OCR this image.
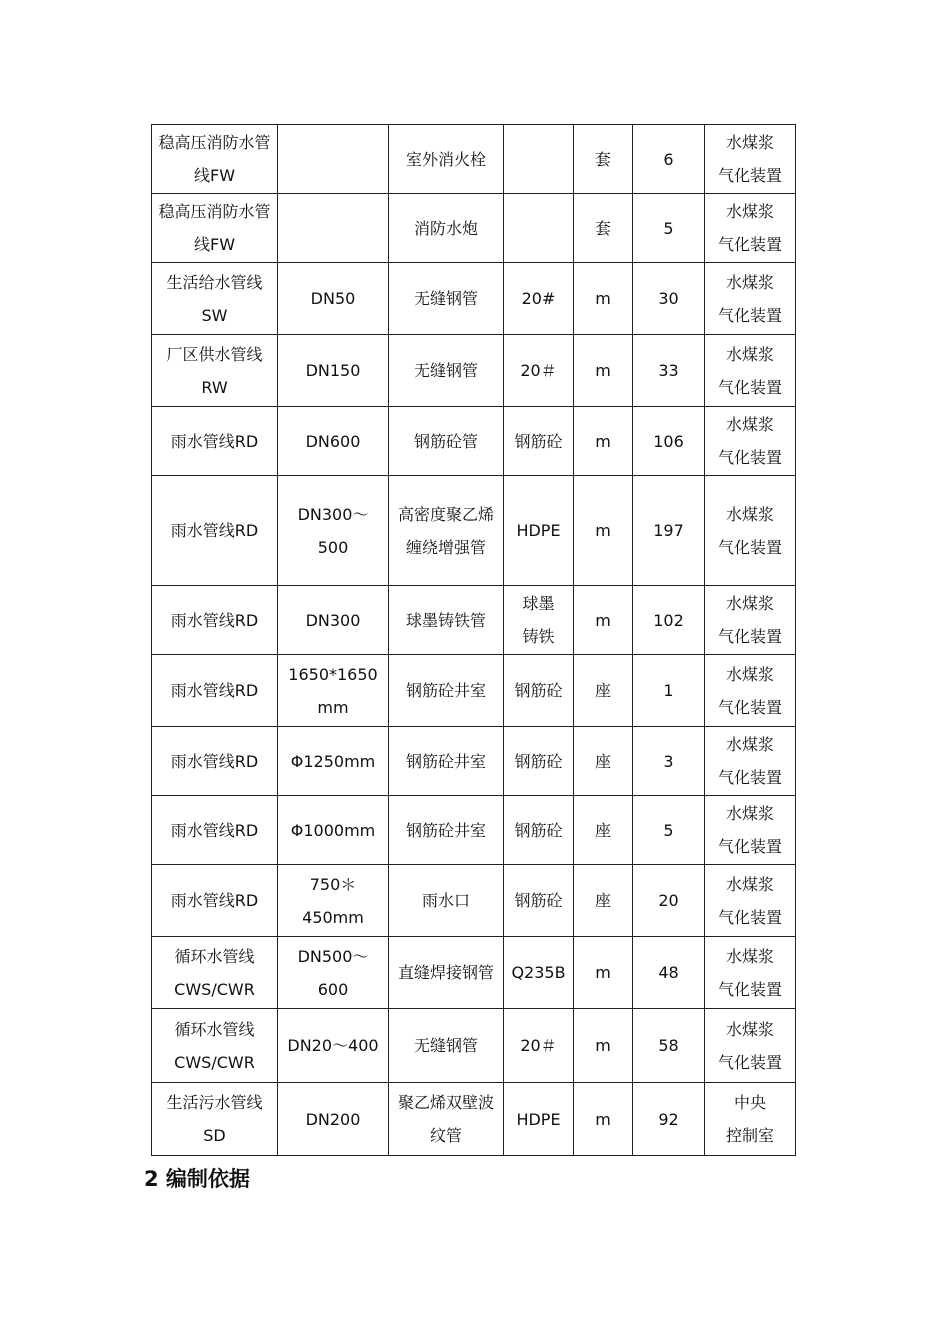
稳高压消防水管线FW		室外消火栓		套	6	水煤浆
气化装置

稳高压消防水管线FW		消防水炮		套	5	水煤浆
气化装置

生活给水管线SW	DN50	无缝钢管	20#	m	30	水煤浆
气化装置

厂区供水管线RW	DN150	无缝钢管	20＃	m	33	水煤浆
气化装置

雨水管线RD	DN600	钢筋砼管	钢筋砼	m	106	水煤浆
气化装置

雨水管线RD	DN300～500	高密度聚乙烯缠绕增强管	HDPE	m	197	水煤浆
气化装置

雨水管线RD	DN300	球墨铸铁管	球墨
铸铁	m	102	水煤浆
气化装置

雨水管线RD	1650*1650
mm	钢筋砼井室	钢筋砼	座	1	水煤浆
气化装置

雨水管线RD	Φ1250mm	钢筋砼井室	钢筋砼	座	3	水煤浆
气化装置

雨水管线RD	Φ1000mm	钢筋砼井室	钢筋砼	座	5	水煤浆
气化装置

雨水管线RD	750＊
450mm	雨水口	钢筋砼	座	20	水煤浆
气化装置

循环水管线
CWS/CWR	DN500～
600	直缝焊接钢管	Q235B	m	48	水煤浆
气化装置

循环水管线
CWS/CWR	DN20～400	无缝钢管	20＃	m	58	水煤浆
气化装置

生活污水管线SD	DN200	聚乙烯双壁波纹管	HDPE	m	92	中央
控制室
2 编制依据
